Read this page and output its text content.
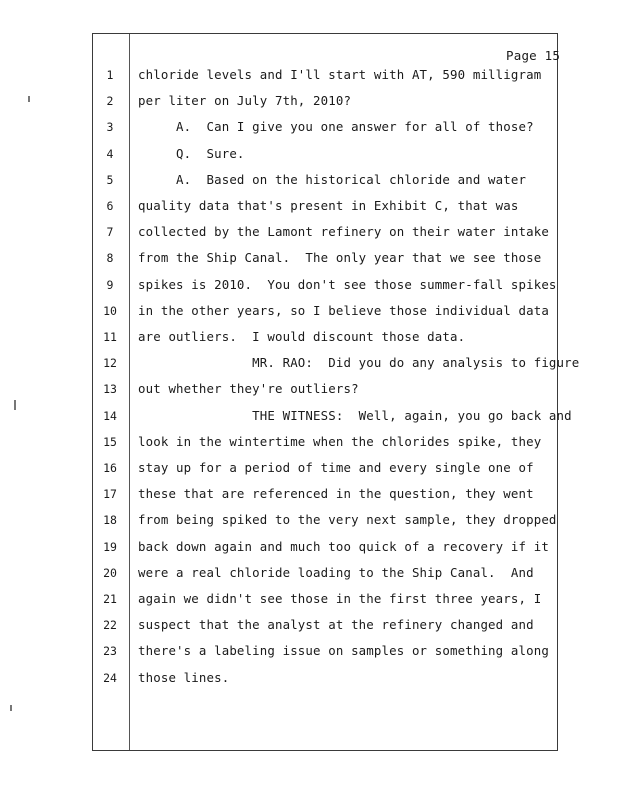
Page 15
1	chloride levels and I'll start with AT, 590 milligram
2	per liter on July 7th, 2010?
3	A.  Can I give you one answer for all of those?
4	Q.  Sure.
5	A.  Based on the historical chloride and water
6	quality data that's present in Exhibit C, that was
7	collected by the Lamont refinery on their water intake
8	from the Ship Canal.  The only year that we see those
9	spikes is 2010.  You don't see those summer-fall spikes
10	in the other years, so I believe those individual data
11	are outliers.  I would discount those data.
12	MR. RAO:  Did you do any analysis to figure
13	out whether they're outliers?
14	THE WITNESS:  Well, again, you go back and
15	look in the wintertime when the chlorides spike, they
16	stay up for a period of time and every single one of
17	these that are referenced in the question, they went
18	from being spiked to the very next sample, they dropped
19	back down again and much too quick of a recovery if it
20	were a real chloride loading to the Ship Canal.  And
21	again we didn't see those in the first three years, I
22	suspect that the analyst at the refinery changed and
23	there's a labeling issue on samples or something along
24	those lines.
